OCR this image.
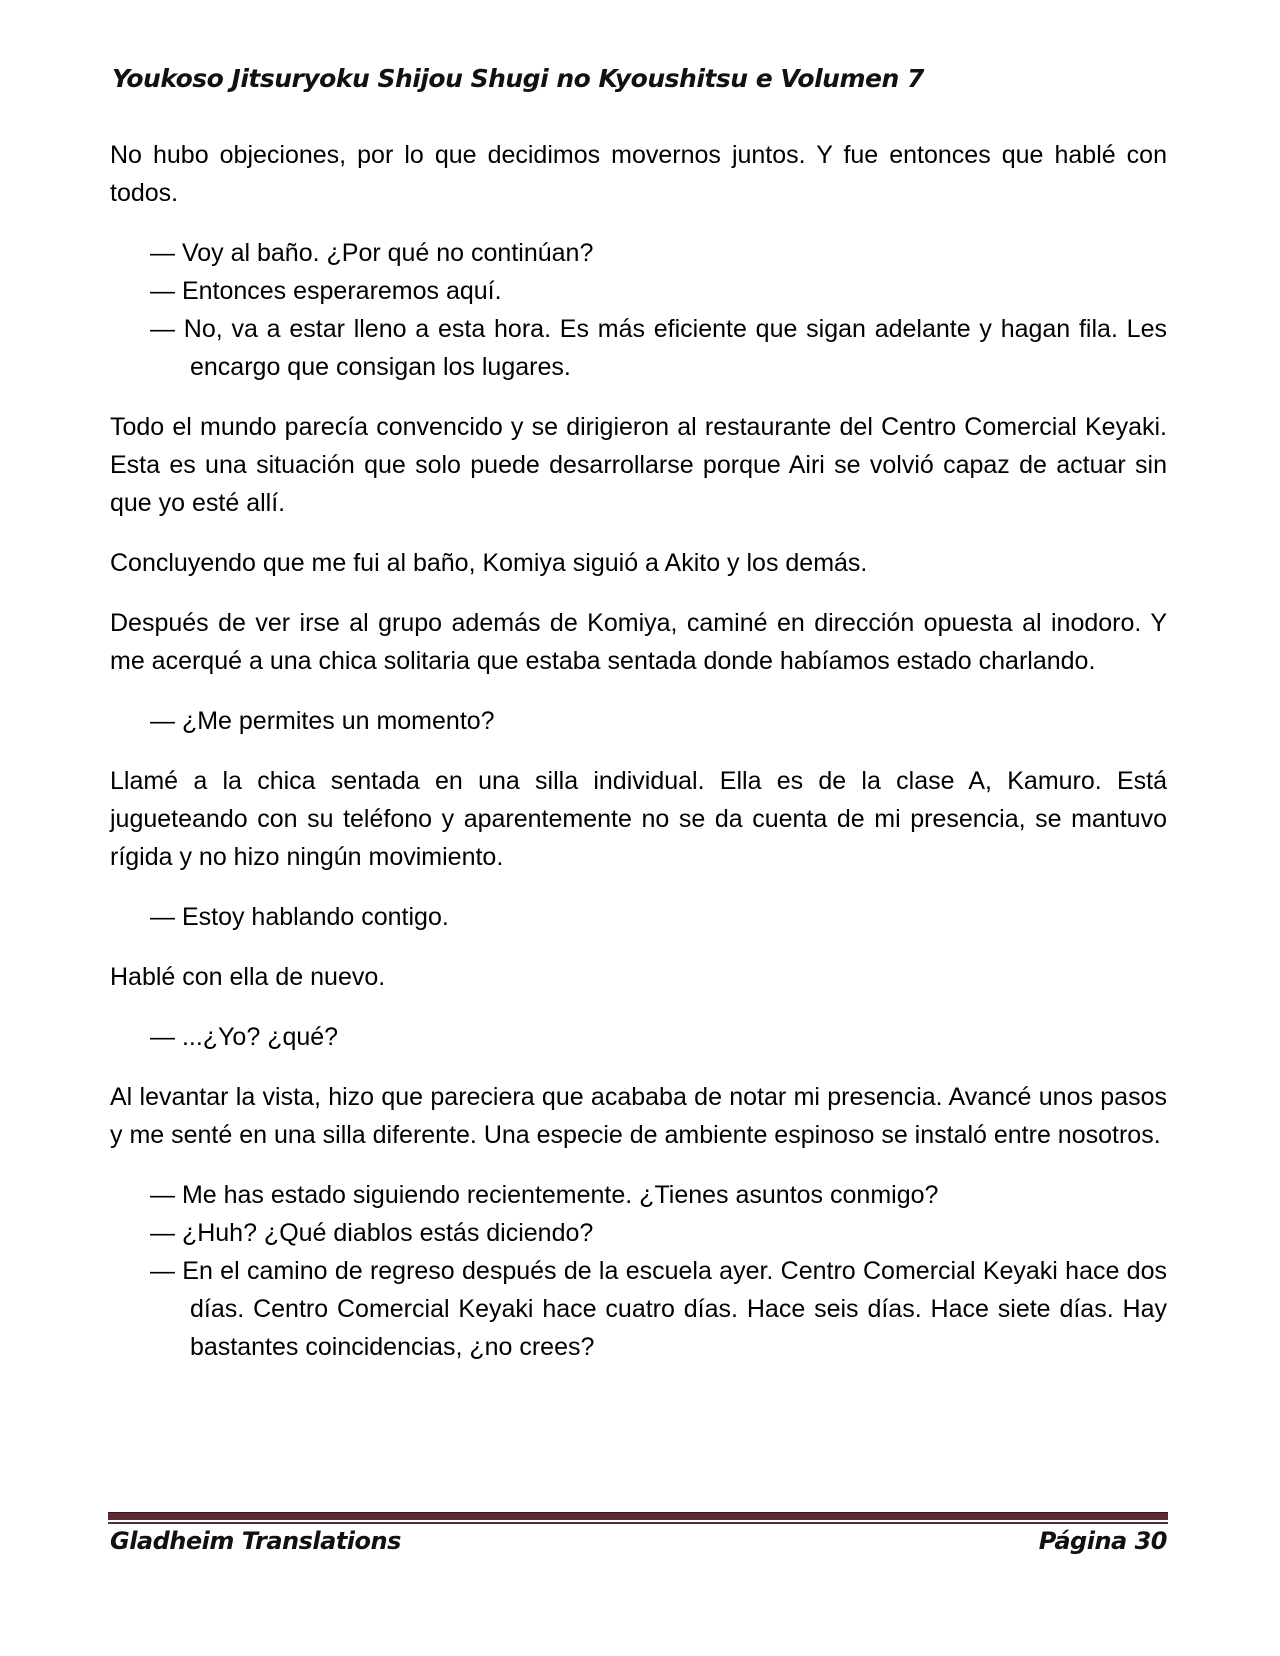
Youkoso Jitsuryoku Shijou Shugi no Kyoushitsu e Volumen 7

No hubo objeciones, por lo que decidimos movernos juntos. Y fue entonces que hablé con todos.

— Voy al baño. ¿Por qué no continúan?

— Entonces esperaremos aquí.

— No, va a estar lleno a esta hora. Es más eficiente que sigan adelante y hagan fila. Les encargo que consigan los lugares.

Todo el mundo parecía convencido y se dirigieron al restaurante del Centro Comercial Keyaki. Esta es una situación que solo puede desarrollarse porque Airi se volvió capaz de actuar sin que yo esté allí.

Concluyendo que me fui al baño, Komiya siguió a Akito y los demás.

Después de ver irse al grupo además de Komiya, caminé en dirección opuesta al inodoro. Y me acerqué a una chica solitaria que estaba sentada donde habíamos estado charlando.

— ¿Me permites un momento?

Llamé a la chica sentada en una silla individual. Ella es de la clase A, Kamuro. Está jugueteando con su teléfono y aparentemente no se da cuenta de mi presencia, se mantuvo rígida y no hizo ningún movimiento.

— Estoy hablando contigo.

Hablé con ella de nuevo.

— ...¿Yo? ¿qué?

Al levantar la vista, hizo que pareciera que acababa de notar mi presencia. Avancé unos pasos y me senté en una silla diferente. Una especie de ambiente espinoso se instaló entre nosotros.

— Me has estado siguiendo recientemente. ¿Tienes asuntos conmigo?

— ¿Huh? ¿Qué diablos estás diciendo?

— En el camino de regreso después de la escuela ayer. Centro Comercial Keyaki hace dos días. Centro Comercial Keyaki hace cuatro días. Hace seis días. Hace siete días. Hay bastantes coincidencias, ¿no crees?

Gladheim Translations	Página 30
